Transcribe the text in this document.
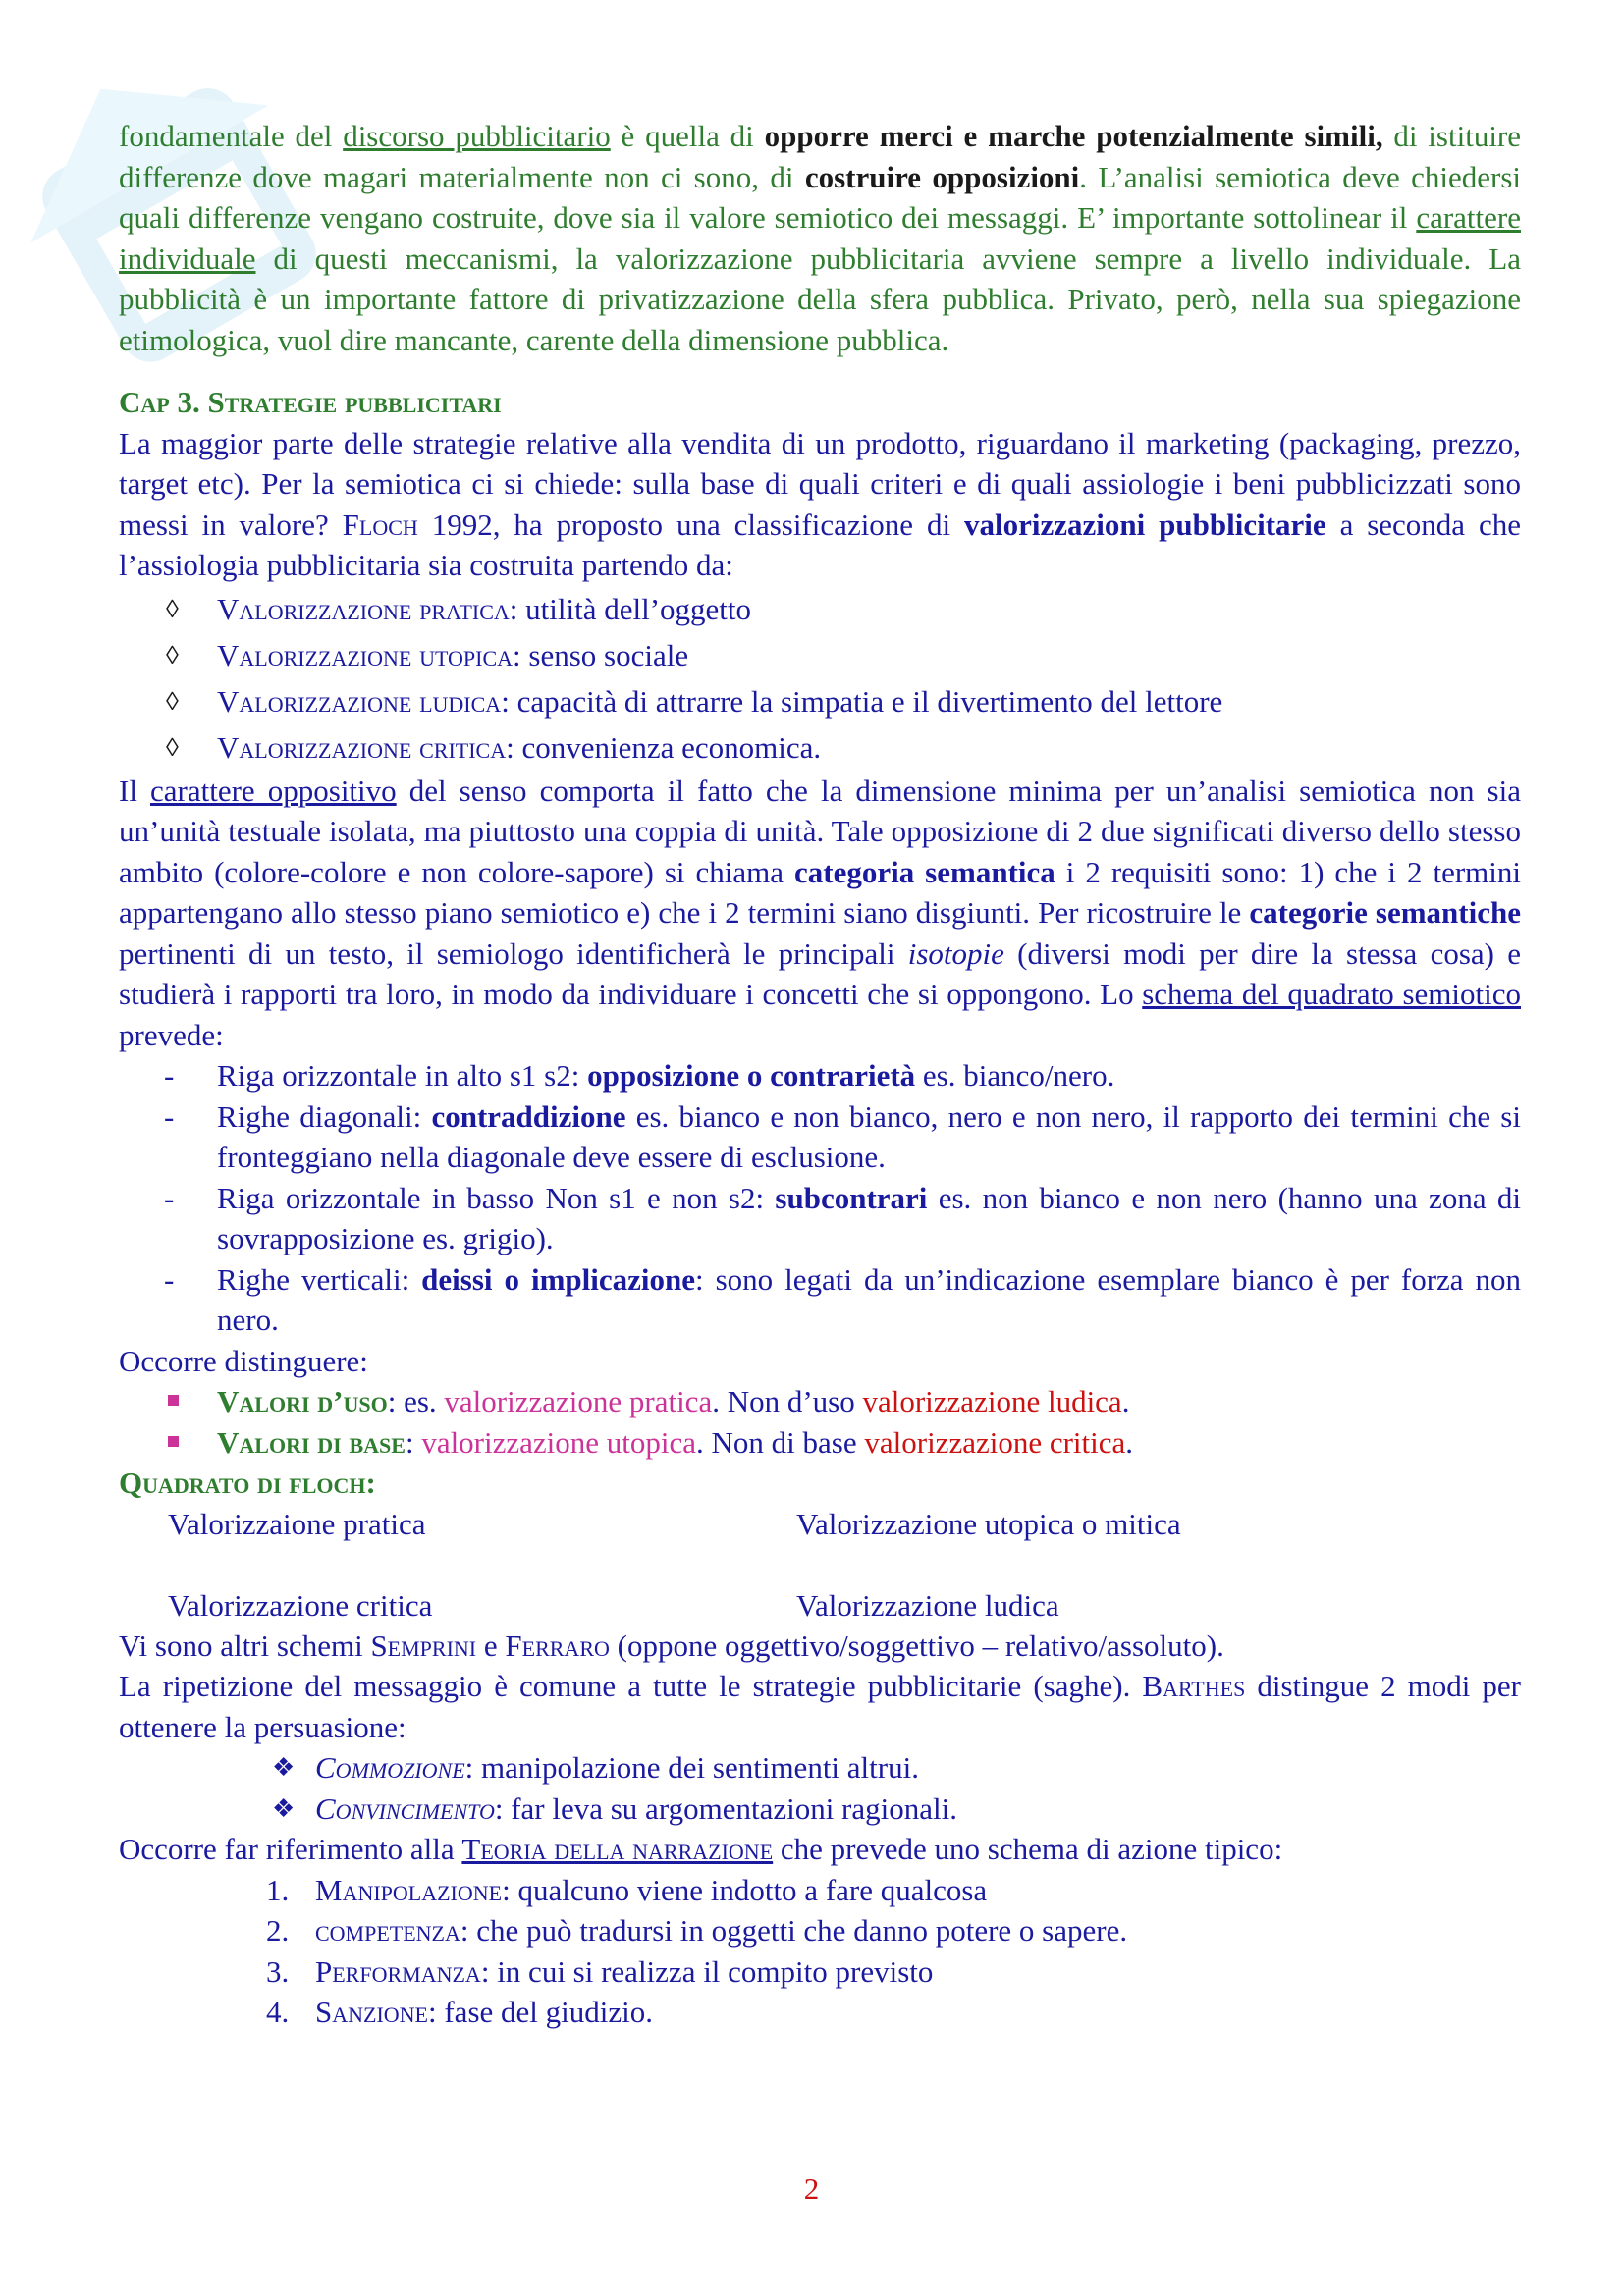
fondamentale del discorso pubblicitario è quella di opporre merci e marche potenzialmente simili, di istituire differenze dove magari materialmente non ci sono, di costruire opposizioni. L’analisi semiotica deve chiedersi quali differenze vengano costruite, dove sia il valore semiotico dei messaggi. E’ importante sottolinear il carattere individuale di questi meccanismi, la valorizzazione pubblicitaria avviene sempre a livello individuale. La pubblicità è un importante fattore di privatizzazione della sfera pubblica. Privato, però, nella sua spiegazione etimologica, vuol dire mancante, carente della dimensione pubblica.

Cap 3. Strategie pubblicitari

La maggior parte delle strategie relative alla vendita di un prodotto, riguardano il marketing (packaging, prezzo, target etc). Per la semiotica ci si chiede: sulla base di quali criteri e di quali assiologie i beni pubblicizzati sono messi in valore? Floch 1992, ha proposto una classificazione di valorizzazioni pubblicitarie a seconda che l’assiologia pubblicitaria sia costruita partendo da:

◊ Valorizzazione pratica: utilità dell’oggetto
◊ Valorizzazione utopica: senso sociale
◊ Valorizzazione ludica: capacità di attrarre la simpatia e il divertimento del lettore
◊ Valorizzazione critica: convenienza economica.

Il carattere oppositivo del senso comporta il fatto che la dimensione minima per un’analisi semiotica non sia un’unità testuale isolata, ma piuttosto una coppia di unità. Tale opposizione di 2 due significati diverso dello stesso ambito (colore-colore e non colore-sapore) si chiama categoria semantica i 2 requisiti sono: 1) che i 2 termini appartengano allo stesso piano semiotico e) che i 2 termini siano disgiunti. Per ricostruire le categorie semantiche pertinenti di un testo, il semiologo identificherà le principali isotopie (diversi modi per dire la stessa cosa) e studierà i rapporti tra loro, in modo da individuare i concetti che si oppongono. Lo schema del quadrato semiotico prevede:

- Riga orizzontale in alto s1 s2: opposizione o contrarietà es. bianco/nero.
- Righe diagonali: contraddizione es. bianco e non bianco, nero e non nero, il rapporto dei termini che si fronteggiano nella diagonale deve essere di esclusione.
- Riga orizzontale in basso Non s1 e non s2: subcontrari es. non bianco e non nero (hanno una zona di sovrapposizione es. grigio).
- Righe verticali: deissi o implicazione: sono legati da un’indicazione esemplare bianco è per forza non nero.

Occorre distinguere:

Valori d’uso: es. valorizzazione pratica. Non d’uso valorizzazione ludica.
Valori di base: valorizzazione utopica. Non di base valorizzazione critica.
Quadrato di floch:
Valorizzaione pratica	Valorizzazione utopica o mitica
Valorizzazione critica	Valorizzazione ludica

Vi sono altri schemi Semprini e Ferraro (oppone oggettivo/soggettivo – relativo/assoluto).

La ripetizione del messaggio è comune a tutte le strategie pubblicitarie (saghe). Barthes distingue 2 modi per ottenere la persuasione:

❖ Commozione: manipolazione dei sentimenti altrui.
❖ Convincimento: far leva su argomentazioni ragionali.

Occorre far riferimento alla Teoria della narrazione che prevede uno schema di azione tipico:

1. Manipolazione: qualcuno viene indotto a fare qualcosa
2. competenza: che può tradursi in oggetti che danno potere o sapere.
3. Performanza: in cui si realizza il compito previsto
4. Sanzione: fase del giudizio.
2
